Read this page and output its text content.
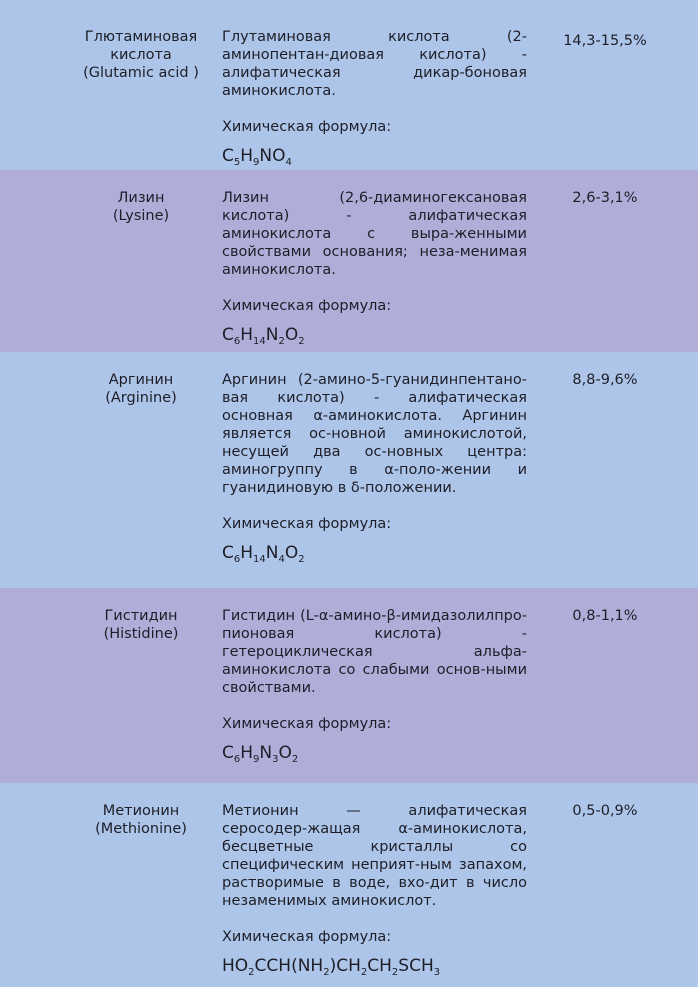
Глютаминовая
кислота
(Glutamic acid )
Глутаминовая кислота (2-аминопентан-диовая кислота) - алифатическая дикар-боновая аминокислота.
Химическая формула:
$C_5H_9NO_4$
14,3-15,5%
Лизин
(Lysine)
Лизин (2,6-диаминогексановая кислота) - алифатическая аминокислота с выра-женными свойствами основания; неза-менимая аминокислота.
Химическая формула:
$C_6H_{14}N_2O_2$
2,6-3,1%
Аргинин
(Arginine)
Аргинин (2-амино-5-гуанидинпентано-вая кислота) - алифатическая основная α-аминокислота. Аргинин является ос-новной аминокислотой, несущей два ос-новных центра: аминогруппу в α-поло-жении и гуанидиновую в δ-положении.
Химическая формула:
$C_6H_{14}N_4O_2$
8,8-9,6%
Гистидин
(Histidine)
Гистидин (L-α-амино-β-имидазолилпро-пионовая кислота) - гетероциклическая альфа-аминокислота со слабыми основ-ными свойствами.
Химическая формула:
$C_6H_9N_3O_2$
0,8-1,1%
Метионин
(Methionine)
Метионин — алифатическая серосодер-жащая α-аминокислота, бесцветные кристаллы со специфическим неприят-ным запахом, растворимые в воде, вхо-дит в число незаменимых аминокислот.
Химическая формула:
$HO_2CCH(NH_2)CH_2CH_2SCH_3$
0,5-0,9%
